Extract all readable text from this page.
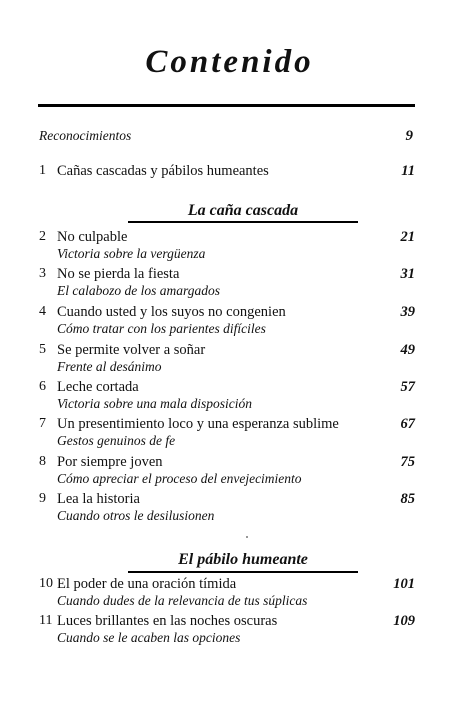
Contenido
Reconocimientos	9
1 Cañas cascadas y pábilos humeantes	11
La caña cascada
2 No culpable
Victoria sobre la vergüenza
21
3 No se pierda la fiesta
El calabozo de los amargados
31
4 Cuando usted y los suyos no congenien
Cómo tratar con los parientes difíciles
39
5 Se permite volver a soñar
Frente al desánimo
49
6 Leche cortada
Victoria sobre una mala disposición
57
7 Un presentimiento loco y una esperanza sublime
Gestos genuinos de fe
67
8 Por siempre joven
Cómo apreciar el proceso del envejecimiento
75
9 Lea la historia
Cuando otros le desilusionen
85
El pábilo humeante
10 El poder de una oración tímida
Cuando dudes de la relevancia de tus súplicas
101
11 Luces brillantes en las noches oscuras
Cuando se le acaben las opciones
109
